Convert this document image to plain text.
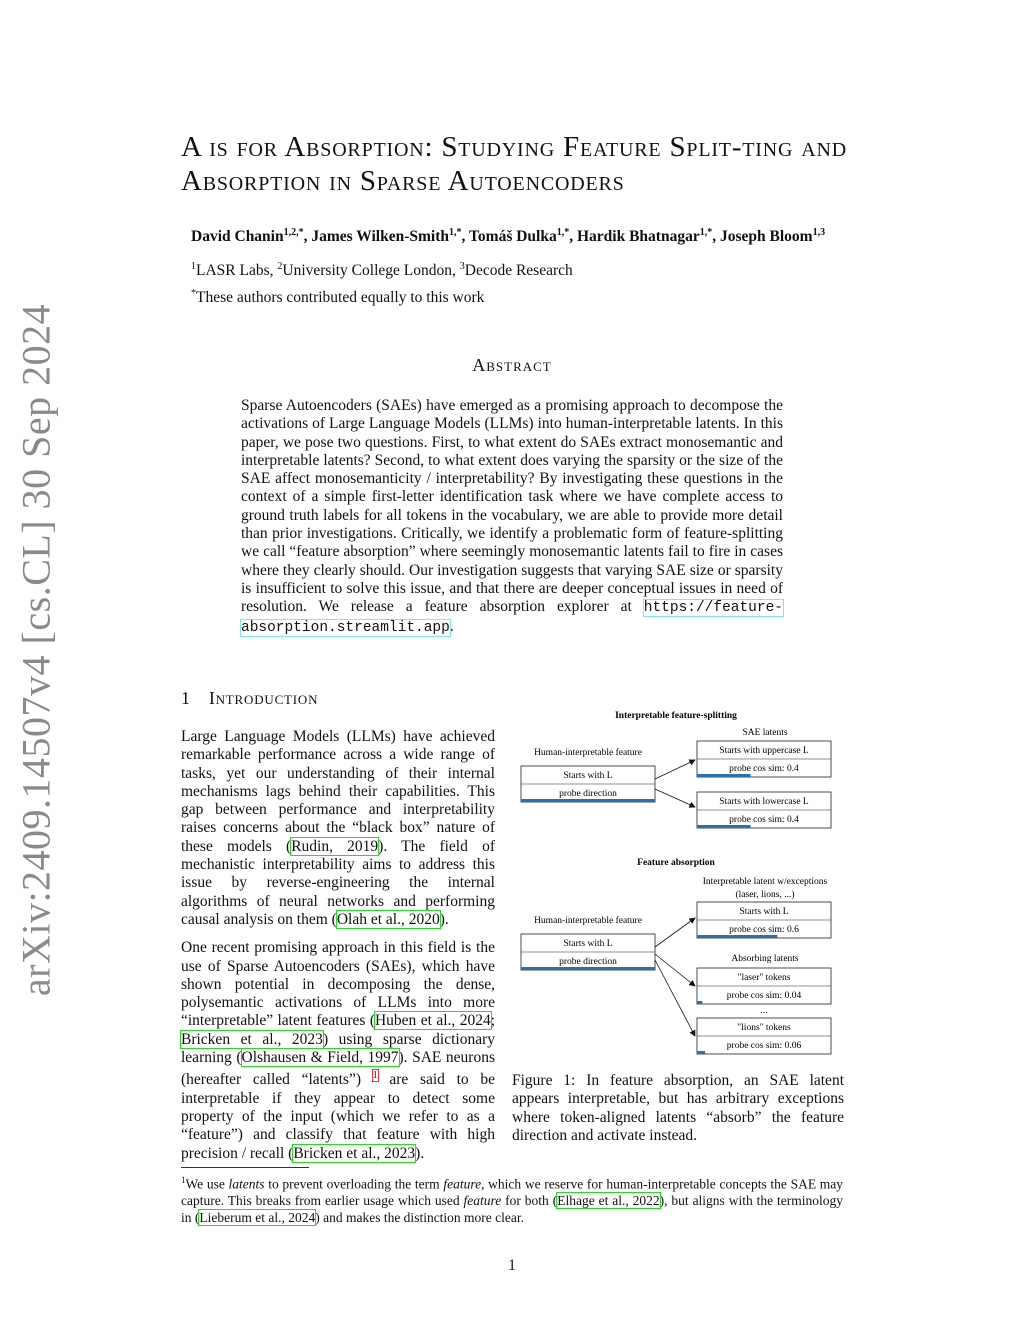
arXiv:2409.14507v4 [cs.CL] 30 Sep 2024
A is for Absorption: Studying Feature Split-ting and Absorption in Sparse Autoencoders
David Chanin$^{1,2,*}$, James Wilken-Smith$^{1,*}$, Tomáš Dulka$^{1,*}$, Hardik Bhatnagar$^{1,*}$, Joseph Bloom$^{1,3}$
$^1$LASR Labs, $^2$University College London, $^3$Decode Research
*These authors contributed equally to this work
Abstract
Sparse Autoencoders (SAEs) have emerged as a promising approach to decompose the activations of Large Language Models (LLMs) into human-interpretable latents. In this paper, we pose two questions. First, to what extent do SAEs extract monosemantic and interpretable latents? Second, to what extent does varying the sparsity or the size of the SAE affect monosemanticity / interpretability? By investigating these questions in the context of a simple first-letter identification task where we have complete access to ground truth labels for all tokens in the vocabulary, we are able to provide more detail than prior investigations. Critically, we identify a problematic form of feature-splitting we call “feature absorption” where seemingly monosemantic latents fail to fire in cases where they clearly should. Our investigation suggests that varying SAE size or sparsity is insufficient to solve this issue, and that there are deeper conceptual issues in need of resolution. We release a feature absorption explorer at https://feature-absorption.streamlit.app.
1 Introduction

Large Language Models (LLMs) have achieved remarkable performance across a wide range of tasks, yet our understanding of their internal mechanisms lags behind their capabilities. This gap between performance and interpretability raises concerns about the “black box” nature of these models (Rudin, 2019). The field of mechanistic interpretability aims to address this issue by reverse-engineering the internal algorithms of neural networks and performing causal analysis on them (Olah et al., 2020).

One recent promising approach in this field is the use of Sparse Autoencoders (SAEs), which have shown potential in decomposing the dense, polysemantic activations of LLMs into more “interpretable” latent features (Huben et al., 2024; Bricken et al., 2023) using sparse dictionary learning (Olshausen & Field, 1997). SAE neurons (hereafter called “latents”) $^1$ are said to be interpretable if they appear to detect some property of the input (which we refer to as a “feature”) and classify that feature with high precision / recall (Bricken et al., 2023).

Interpretable feature-splitting
SAE latents
Human-interpretable feature
Starts with L
probe direction
Starts with uppercase L
probe cos sim: 0.4
Starts with lowercase L
probe cos sim: 0.4
Feature absorption
Interpretable latent w/exceptions
(laser, lions, ...)
Human-interpretable feature
Starts with L
probe direction
Starts with L
probe cos sim: 0.6
Absorbing latents
"laser" tokens
probe cos sim: 0.04
...
"lions" tokens
probe cos sim: 0.06
Figure 1: In feature absorption, an SAE latent appears interpretable, but has arbitrary exceptions where token-aligned latents “absorb” the feature direction and activate instead.
$^1$We use latents to prevent overloading the term feature, which we reserve for human-interpretable concepts the SAE may capture. This breaks from earlier usage which used feature for both (Elhage et al., 2022), but aligns with the terminology in (Lieberum et al., 2024) and makes the distinction more clear.
1
